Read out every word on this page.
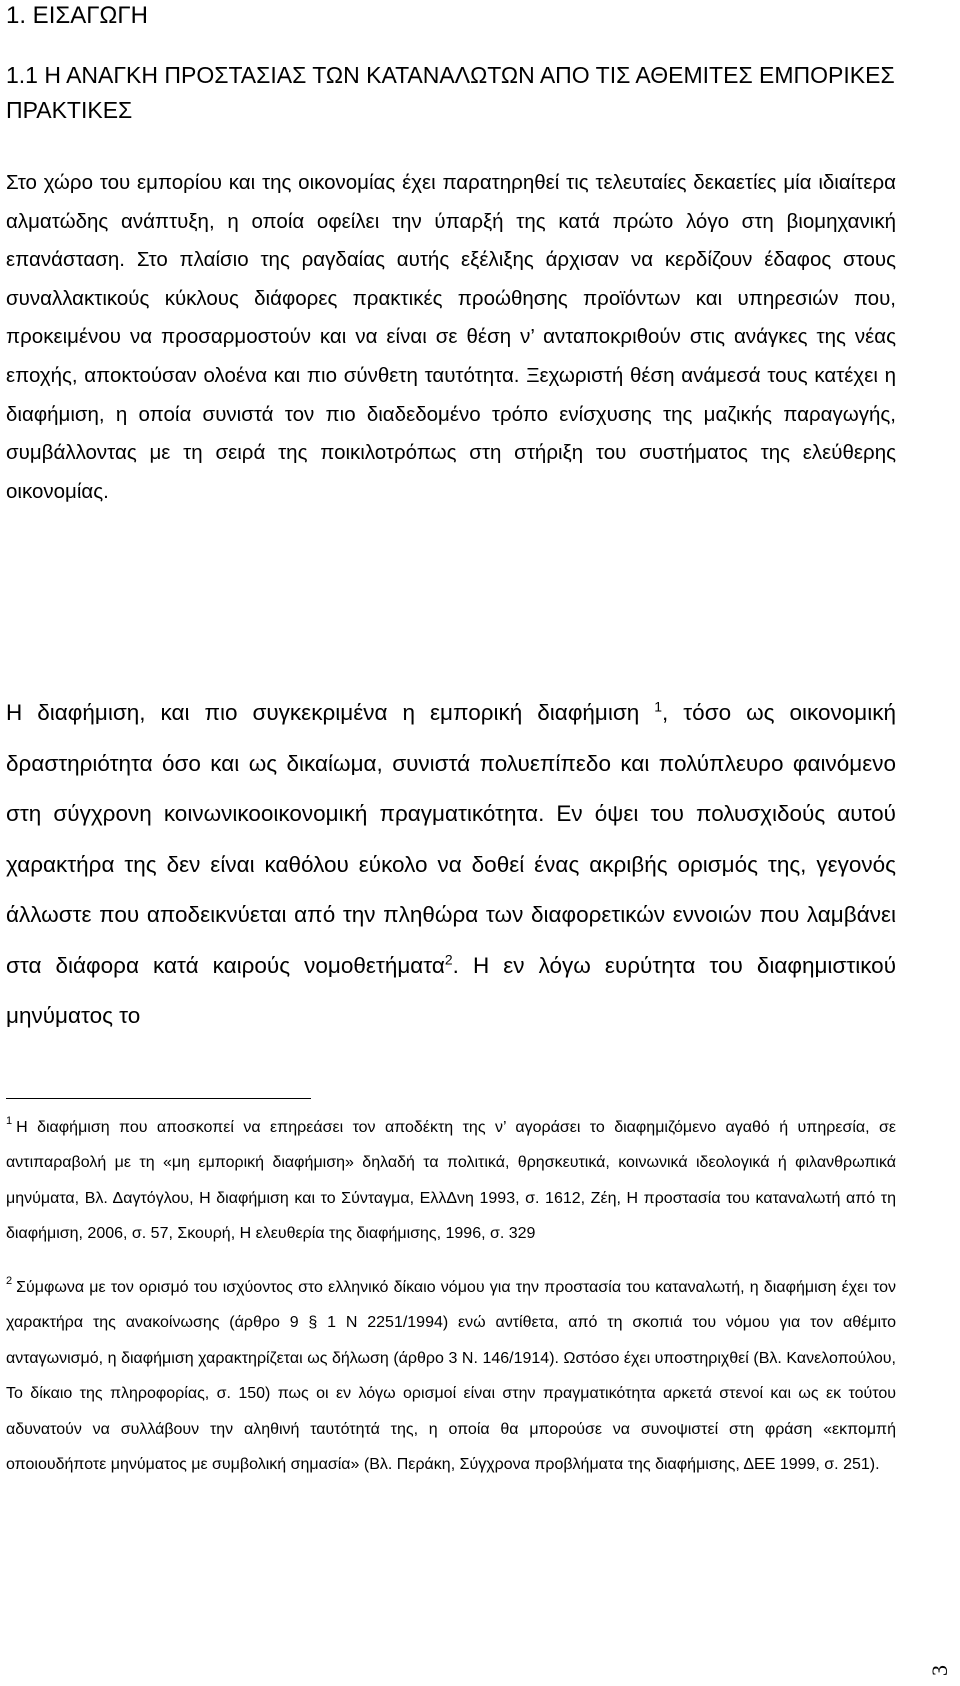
1. ΕΙΣΑΓΩΓΗ
1.1 Η ΑΝΑΓΚΗ ΠΡΟΣΤΑΣΙΑΣ ΤΩΝ ΚΑΤΑΝΑΛΩΤΩΝ ΑΠΟ ΤΙΣ ΑΘΕΜΙΤΕΣ ΕΜΠΟΡΙΚΕΣ ΠΡΑΚΤΙΚΕΣ

Στο χώρο του εμπορίου και της οικονομίας έχει παρατηρηθεί τις τελευταίες δεκαετίες μία ιδιαίτερα αλματώδης ανάπτυξη, η οποία οφείλει την ύπαρξή της κατά πρώτο λόγο στη βιομηχανική επανάσταση. Στο πλαίσιο της ραγδαίας αυτής εξέλιξης άρχισαν να κερδίζουν έδαφος στους συναλλακτικούς κύκλους διάφορες πρακτικές προώθησης προϊόντων και υπηρεσιών που, προκειμένου να προσαρμοστούν και να είναι σε θέση ν’ ανταποκριθούν στις ανάγκες της νέας εποχής, αποκτούσαν ολοένα και πιο σύνθετη ταυτότητα. Ξεχωριστή θέση ανάμεσά τους κατέχει η διαφήμιση, η οποία συνιστά τον πιο διαδεδομένο τρόπο ενίσχυσης της μαζικής παραγωγής, συμβάλλοντας με τη σειρά της ποικιλοτρόπως στη στήριξη του συστήματος της ελεύθερης οικονομίας.

Η διαφήμιση, και πιο συγκεκριμένα η εμπορική διαφήμιση $^1$, τόσο ως οικονομική δραστηριότητα όσο και ως δικαίωμα, συνιστά πολυεπίπεδο και πολύπλευρο φαινόμενο στη σύγχρονη κοινωνικοοικονομική πραγματικότητα. Εν όψει του πολυσχιδούς αυτού χαρακτήρα της δεν είναι καθόλου εύκολο να δοθεί ένας ακριβής ορισμός της, γεγονός άλλωστε που αποδεικνύεται από την πληθώρα των διαφορετικών εννοιών που λαμβάνει στα διάφορα κατά καιρούς νομοθετήματα$^2$. Η εν λόγω ευρύτητα του διαφημιστικού μηνύματος το

$^1$ Η διαφήμιση που αποσκοπεί να επηρεάσει τον αποδέκτη της ν’ αγοράσει το διαφημιζόμενο αγαθό ή υπηρεσία, σε αντιπαραβολή με τη «μη εμπορική διαφήμιση» δηλαδή τα πολιτικά, θρησκευτικά, κοινωνικά ιδεολογικά ή φιλανθρωπικά μηνύματα, Βλ. Δαγτόγλου, Η διαφήμιση και το Σύνταγμα, ΕλλΔνη 1993, σ. 1612, Ζέη, Η προστασία του καταναλωτή από τη διαφήμιση, 2006, σ. 57, Σκουρή, Η ελευθερία της διαφήμισης, 1996, σ. 329

$^2$ Σύμφωνα με τον ορισμό του ισχύοντος στο ελληνικό δίκαιο νόμου για την προστασία του καταναλωτή, η διαφήμιση έχει τον χαρακτήρα της ανακοίνωσης (άρθρο 9 § 1 Ν 2251/1994) ενώ αντίθετα, από τη σκοπιά του νόμου για τον αθέμιτο ανταγωνισμό, η διαφήμιση χαρακτηρίζεται ως δήλωση (άρθρο 3 Ν. 146/1914). Ωστόσο έχει υποστηριχθεί (Βλ. Κανελοπούλου, Το δίκαιο της πληροφορίας, σ. 150) πως οι εν λόγω ορισμοί είναι στην πραγματικότητα αρκετά στενοί και ως εκ τούτου αδυνατούν να συλλάβουν την αληθινή ταυτότητά της, η οποία θα μπορούσε να συνοψιστεί στη φράση «εκπομπή οποιουδήποτε μηνύματος με συμβολική σημασία» (Βλ. Περάκη, Σύγχρονα προβλήματα της διαφήμισης, ΔΕΕ 1999, σ. 251).

3
